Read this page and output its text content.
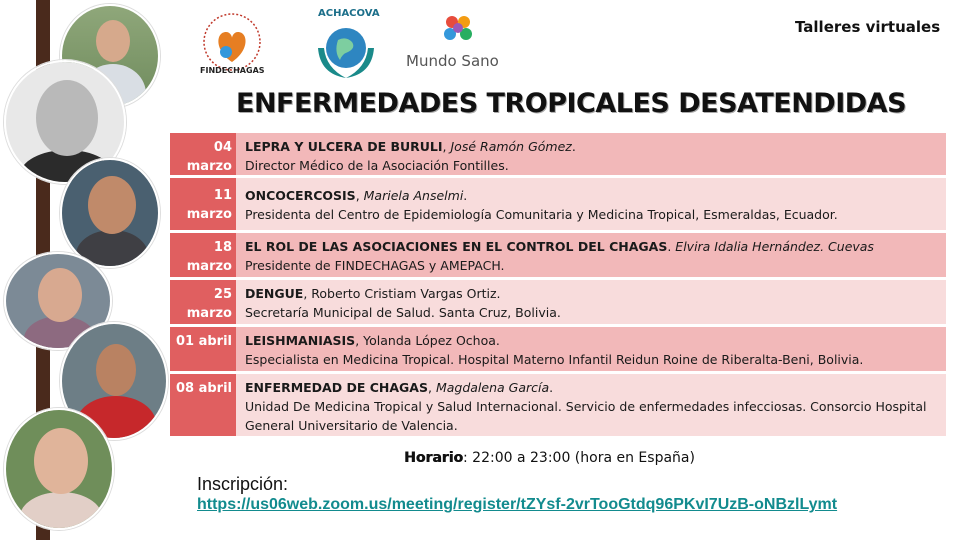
FINDECHAGAS
ACHACOVA
Mundo Sano
Talleres virtuales
ENFERMEDADES TROPICALES DESATENDIDAS
04
marzo
LEPRA Y ULCERA DE BURULI, José Ramón Gómez.
Director Médico de la Asociación Fontilles.
11
marzo
ONCOCERCOSIS, Mariela Anselmi.
Presidenta del Centro de Epidemiología Comunitaria y Medicina Tropical, Esmeraldas, Ecuador.
18
marzo
EL ROL DE LAS ASOCIACIONES EN EL CONTROL DEL CHAGAS. Elvira Idalia Hernández. Cuevas
Presidente de FINDECHAGAS y AMEPACH.
25
marzo
DENGUE, Roberto Cristiam Vargas Ortiz.
Secretaría Municipal de Salud. Santa Cruz, Bolivia.
01 abril LEISHMANIASIS, Yolanda López Ochoa.
Especialista en Medicina Tropical. Hospital Materno Infantil Reidun Roine de Riberalta-Beni, Bolivia.
08 abril ENFERMEDAD DE CHAGAS, Magdalena García.
Unidad De Medicina Tropical y Salud Internacional. Servicio de enfermedades infecciosas. Consorcio Hospital General Universitario de Valencia.
Horario: 22:00 a 23:00 (hora en España)
Inscripción:
https://us06web.zoom.us/meeting/register/tZYsf-2vrTooGtdq96PKvI7UzB-oNBzlLymt
